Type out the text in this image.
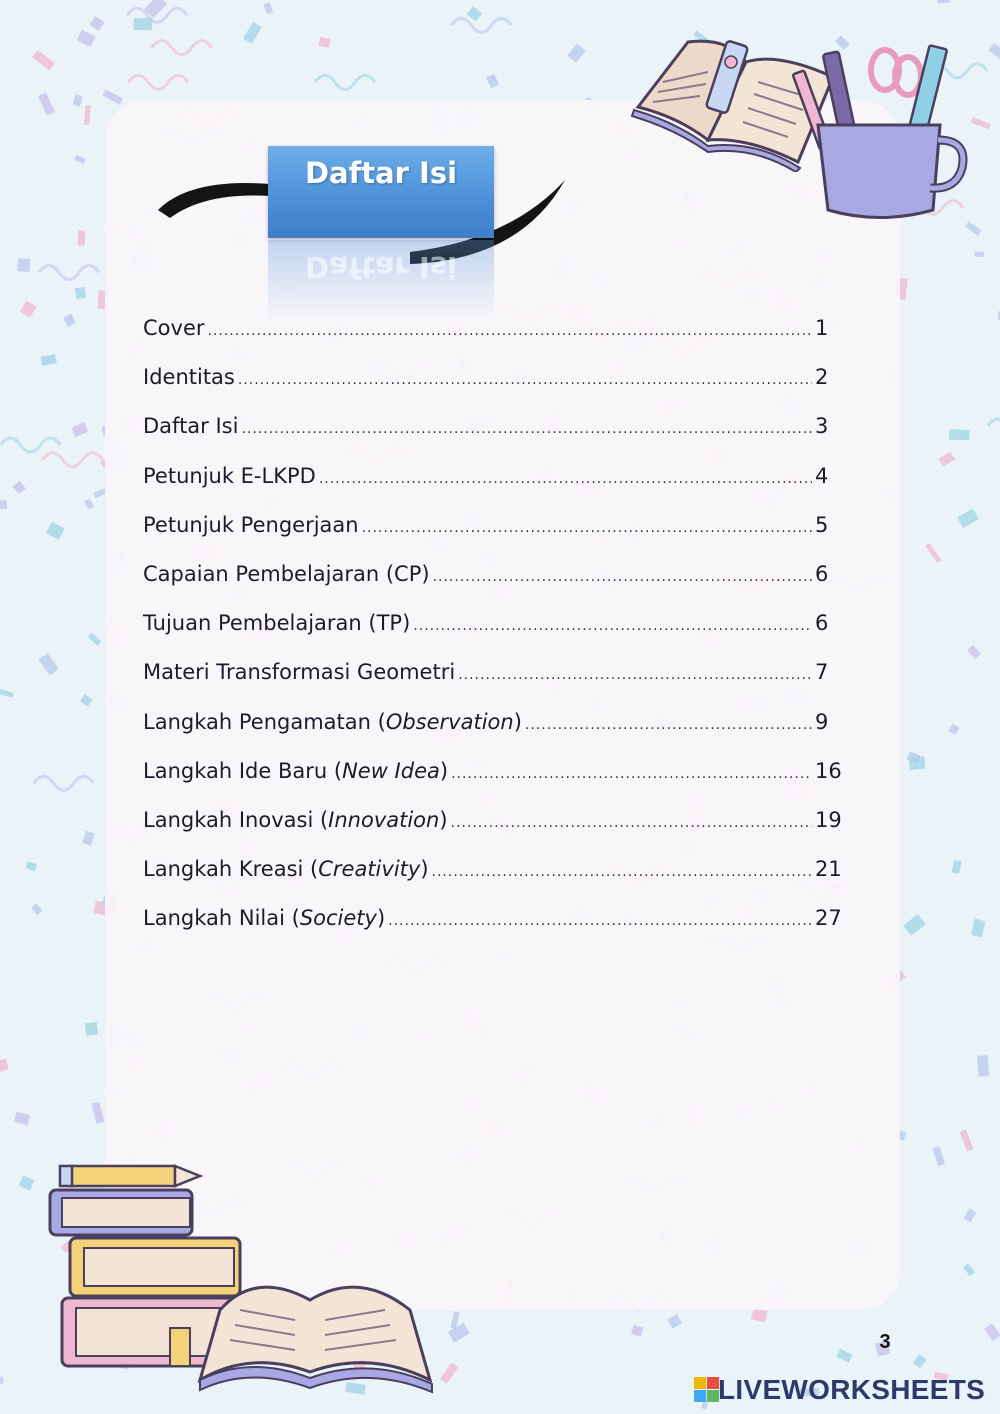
Daftar Isi
Daftar Isi
Cover .....	1
Identitas .....	2
Daftar Isi .....	3
Petunjuk E-LKPD .....	4
Petunjuk Pengerjaan .....	5
Capaian Pembelajaran (CP) .....	6
Tujuan Pembelajaran (TP) .....	6
Materi Transformasi Geometri .....	7
Langkah Pengamatan (Observation) .....	9
Langkah Ide Baru (New Idea) .....	16
Langkah Inovasi (Innovation) .....	19
Langkah Kreasi (Creativity) .....	21
Langkah Nilai (Society) .....	27
3
LIVEWORKSHEETS
